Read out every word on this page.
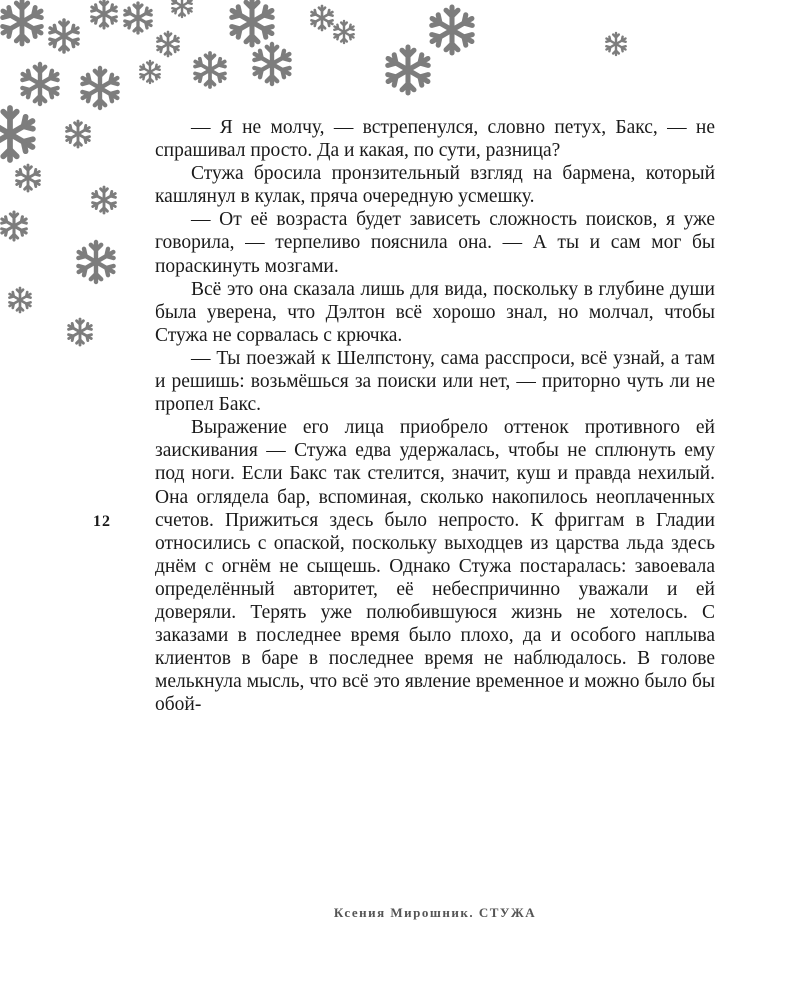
— Я не молчу, — встрепенулся, словно петух, Бакс, — не спрашивал просто. Да и какая, по сути, разница?

Стужа бросила пронзительный взгляд на бармена, который кашлянул в кулак, пряча очередную усмешку.

— От её возраста будет зависеть сложность поисков, я уже говорила, — терпеливо пояснила она. — А ты и сам мог бы пораскинуть мозгами.

Всё это она сказала лишь для вида, поскольку в глубине души была уверена, что Дэлтон всё хорошо знал, но молчал, чтобы Стужа не сорвалась с крючка.

— Ты поезжай к Шелпстону, сама расспроси, всё узнай, а там и решишь: возьмёшься за поиски или нет, — приторно чуть ли не пропел Бакс.

Выражение его лица приобрело оттенок противного ей заискивания — Стужа едва удержалась, чтобы не сплюнуть ему под ноги. Если Бакс так стелится, значит, куш и правда нехилый. Она оглядела бар, вспоминая, сколько накопилось неоплаченных счетов. Прижиться здесь было непросто. К фриггам в Гладии относились с опаской, поскольку выходцев из царства льда здесь днём с огнём не сыщешь. Однако Стужа постаралась: завоевала определённый авторитет, её небеспричинно уважали и ей доверяли. Терять уже полюбившуюся жизнь не хотелось. С заказами в последнее время было плохо, да и особого наплыва клиентов в баре в последнее время не наблюдалось. В голове мелькнула мысль, что всё это явление временное и можно было бы обой-

12
Ксения Мирошник. СТУЖА
